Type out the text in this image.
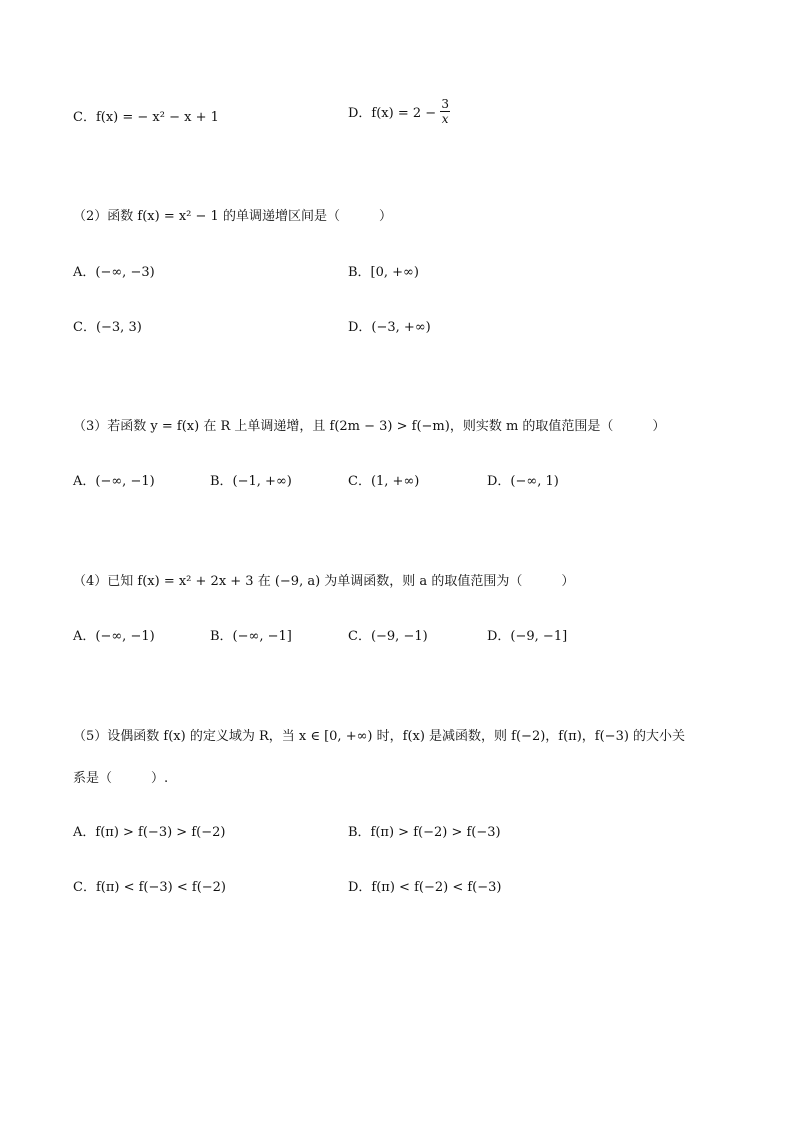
C．f(x) = − x² − x + 1	D．$f(x) = 2 - \frac{3}{x}$
（2）函数 f(x) = x² − 1 的单调递增区间是（　　　）
A．(−∞, −3)	B．[0, +∞)
C．(−3, 3)	D．(−3, +∞)
（3）若函数 y = f(x) 在 R 上单调递增，且 f(2m − 3) > f(−m)，则实数 m 的取值范围是（　　　）
A．(−∞, −1)	B．(−1, +∞)	C．(1, +∞)	D．(−∞, 1)
（4）已知 f(x) = x² + 2x + 3 在 (−9, a) 为单调函数，则 a 的取值范围为（　　　）
A．(−∞, −1)	B．(−∞, −1]	C．(−9, −1)	D．(−9, −1]
（5）设偶函数 f(x) 的定义域为 R，当 x ∈ [0, +∞) 时，f(x) 是减函数，则 f(−2)，f(π)，f(−3) 的大小关
系是（　　　）.
A．f(π) > f(−3) > f(−2)	B．f(π) > f(−2) > f(−3)
C．f(π) < f(−3) < f(−2)	D．f(π) < f(−2) < f(−3)
